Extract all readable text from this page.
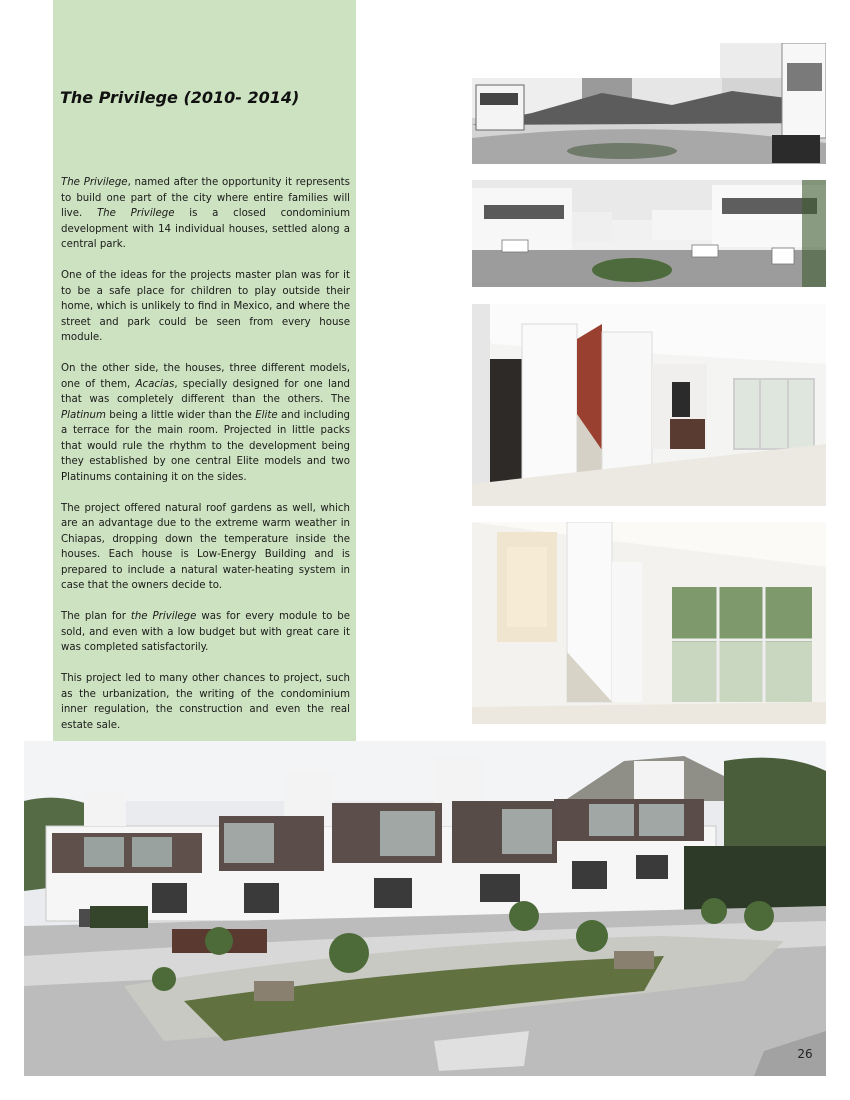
The Privilege (2010- 2014)

The Privilege, named after the opportunity it represents to build one part of the city where entire families will live. The Privilege is a closed condominium development with 14 individual houses, settled along a central park.

One of the ideas for the projects master plan was for it to be a safe place for children to play outside their home, which is unlikely to find in Mexico, and where the street and park could be seen from every house module.

On the other side, the houses, three different models, one of them, Acacias, specially designed for one land that was completely different than the others. The Platinum being a little wider than the Elite and including a terrace for the main room. Projected in little packs that would rule the rhythm to the development being they established by one central Elite models and two Platinums containing it on the sides.

The project offered natural roof gardens as well, which are an advantage due to the extreme warm weather in Chiapas, dropping down the temperature inside the houses. Each house is Low-Energy Building and is prepared to include a natural water-heating system in case that the owners decide to.

The plan for the Privilege was for every module to be sold, and even with a low budget but with great care it was completed satisfactorily.

This project led to many other chances to project, such as the urbanization, the writing of the condominium inner regulation, the construction and even the real estate sale.

26
